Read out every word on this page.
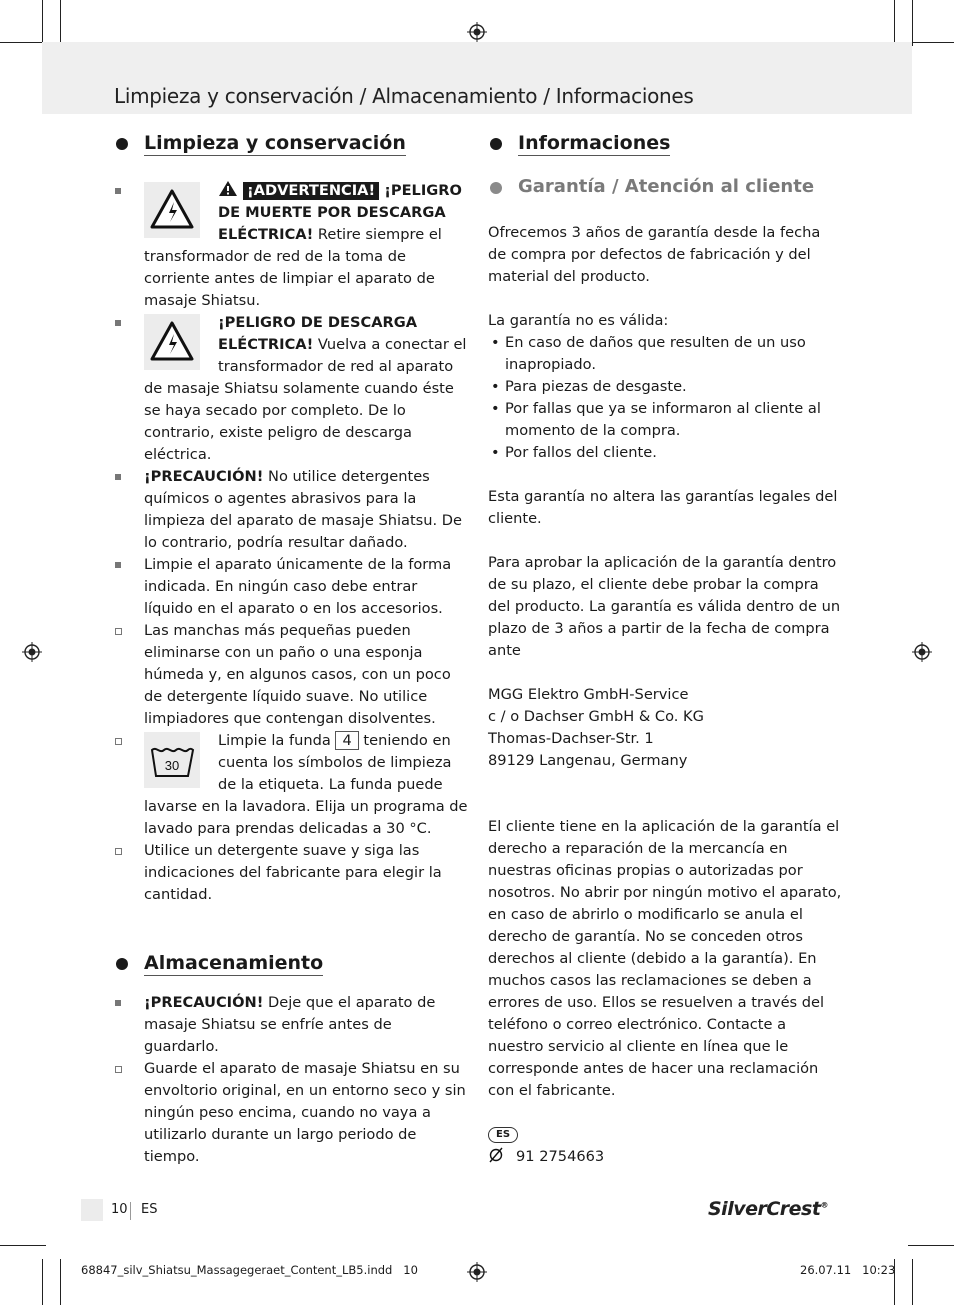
Limpieza y conservación / Almacenamiento / Informaciones
Limpieza y conservación
¡ADVERTENCIA! ¡PELIGRO DE MUERTE POR DESCARGA ELÉCTRICA! Retire siempre el transformador de red de la toma de corriente antes de limpiar el aparato de masaje Shiatsu.
¡PELIGRO DE DESCARGA ELÉCTRICA! Vuelva a conectar el transformador de red al aparato de masaje Shiatsu solamente cuando éste se haya secado por completo. De lo contrario, existe peligro de descarga eléctrica.
¡PRECAUCIÓN! No utilice detergentes químicos o agentes abrasivos para la limpieza del aparato de masaje Shiatsu. De lo contrario, podría resultar dañado.
Limpie el aparato únicamente de la forma indicada. En ningún caso debe entrar líquido en el aparato o en los accesorios.
Las manchas más pequeñas pueden eliminarse con un paño o una esponja húmeda y, en algunos casos, con un poco de detergente líquido suave. No utilice limpiadores que contengan disolventes.
30
Limpie la funda 4 teniendo en cuenta los símbolos de limpieza de la etiqueta. La funda puede lavarse en la lavadora. Elija un programa de lavado para prendas delicadas a 30 °C.
Utilice un detergente suave y siga las indicaciones del fabricante para elegir la cantidad.
Almacenamiento
¡PRECAUCIÓN! Deje que el aparato de masaje Shiatsu se enfríe antes de guardarlo.
Guarde el aparato de masaje Shiatsu en su envoltorio original, en un entorno seco y sin ningún peso encima, cuando no vaya a utilizarlo durante un largo periodo de tiempo.
Informaciones
Garantía / Atención al cliente

Ofrecemos 3 años de garantía desde la fecha de compra por defectos de fabricación y del material del producto.

La garantía no es válida:

• En caso de daños que resulten de un uso inapropiado.
• Para piezas de desgaste.
• Por fallas que ya se informaron al cliente al momento de la compra.
• Por fallos del cliente.

Esta garantía no altera las garantías legales del cliente.

Para aprobar la aplicación de la garantía dentro de su plazo, el cliente debe probar la compra del producto. La garantía es válida dentro de un plazo de 3 años a partir de la fecha de compra ante

MGG Elektro GmbH-Service
c / o Dachser GmbH & Co. KG
Thomas-Dachser-Str. 1
89129 Langenau, Germany

El cliente tiene en la aplicación de la garantía el derecho a reparación de la mercancía en nuestras oficinas propias o autorizadas por nosotros. No abrir por ningún motivo el aparato, en caso de abrirlo o modificarlo se anula el derecho de garantía. No se conceden otros derechos al cliente (debido a la garantía). En muchos casos las reclamaciones se deben a errores de uso. Ellos se resuelven a través del teléfono o correo electrónico. Contacte a nuestro servicio al cliente en línea que le corresponde antes de hacer una reclamación con el fabricante.

ES
91 2754663
10 ES	SilverCrest®
68847_silv_Shiatsu_Massagegeraet_Content_LB5.indd   10	26.07.11   10:23
